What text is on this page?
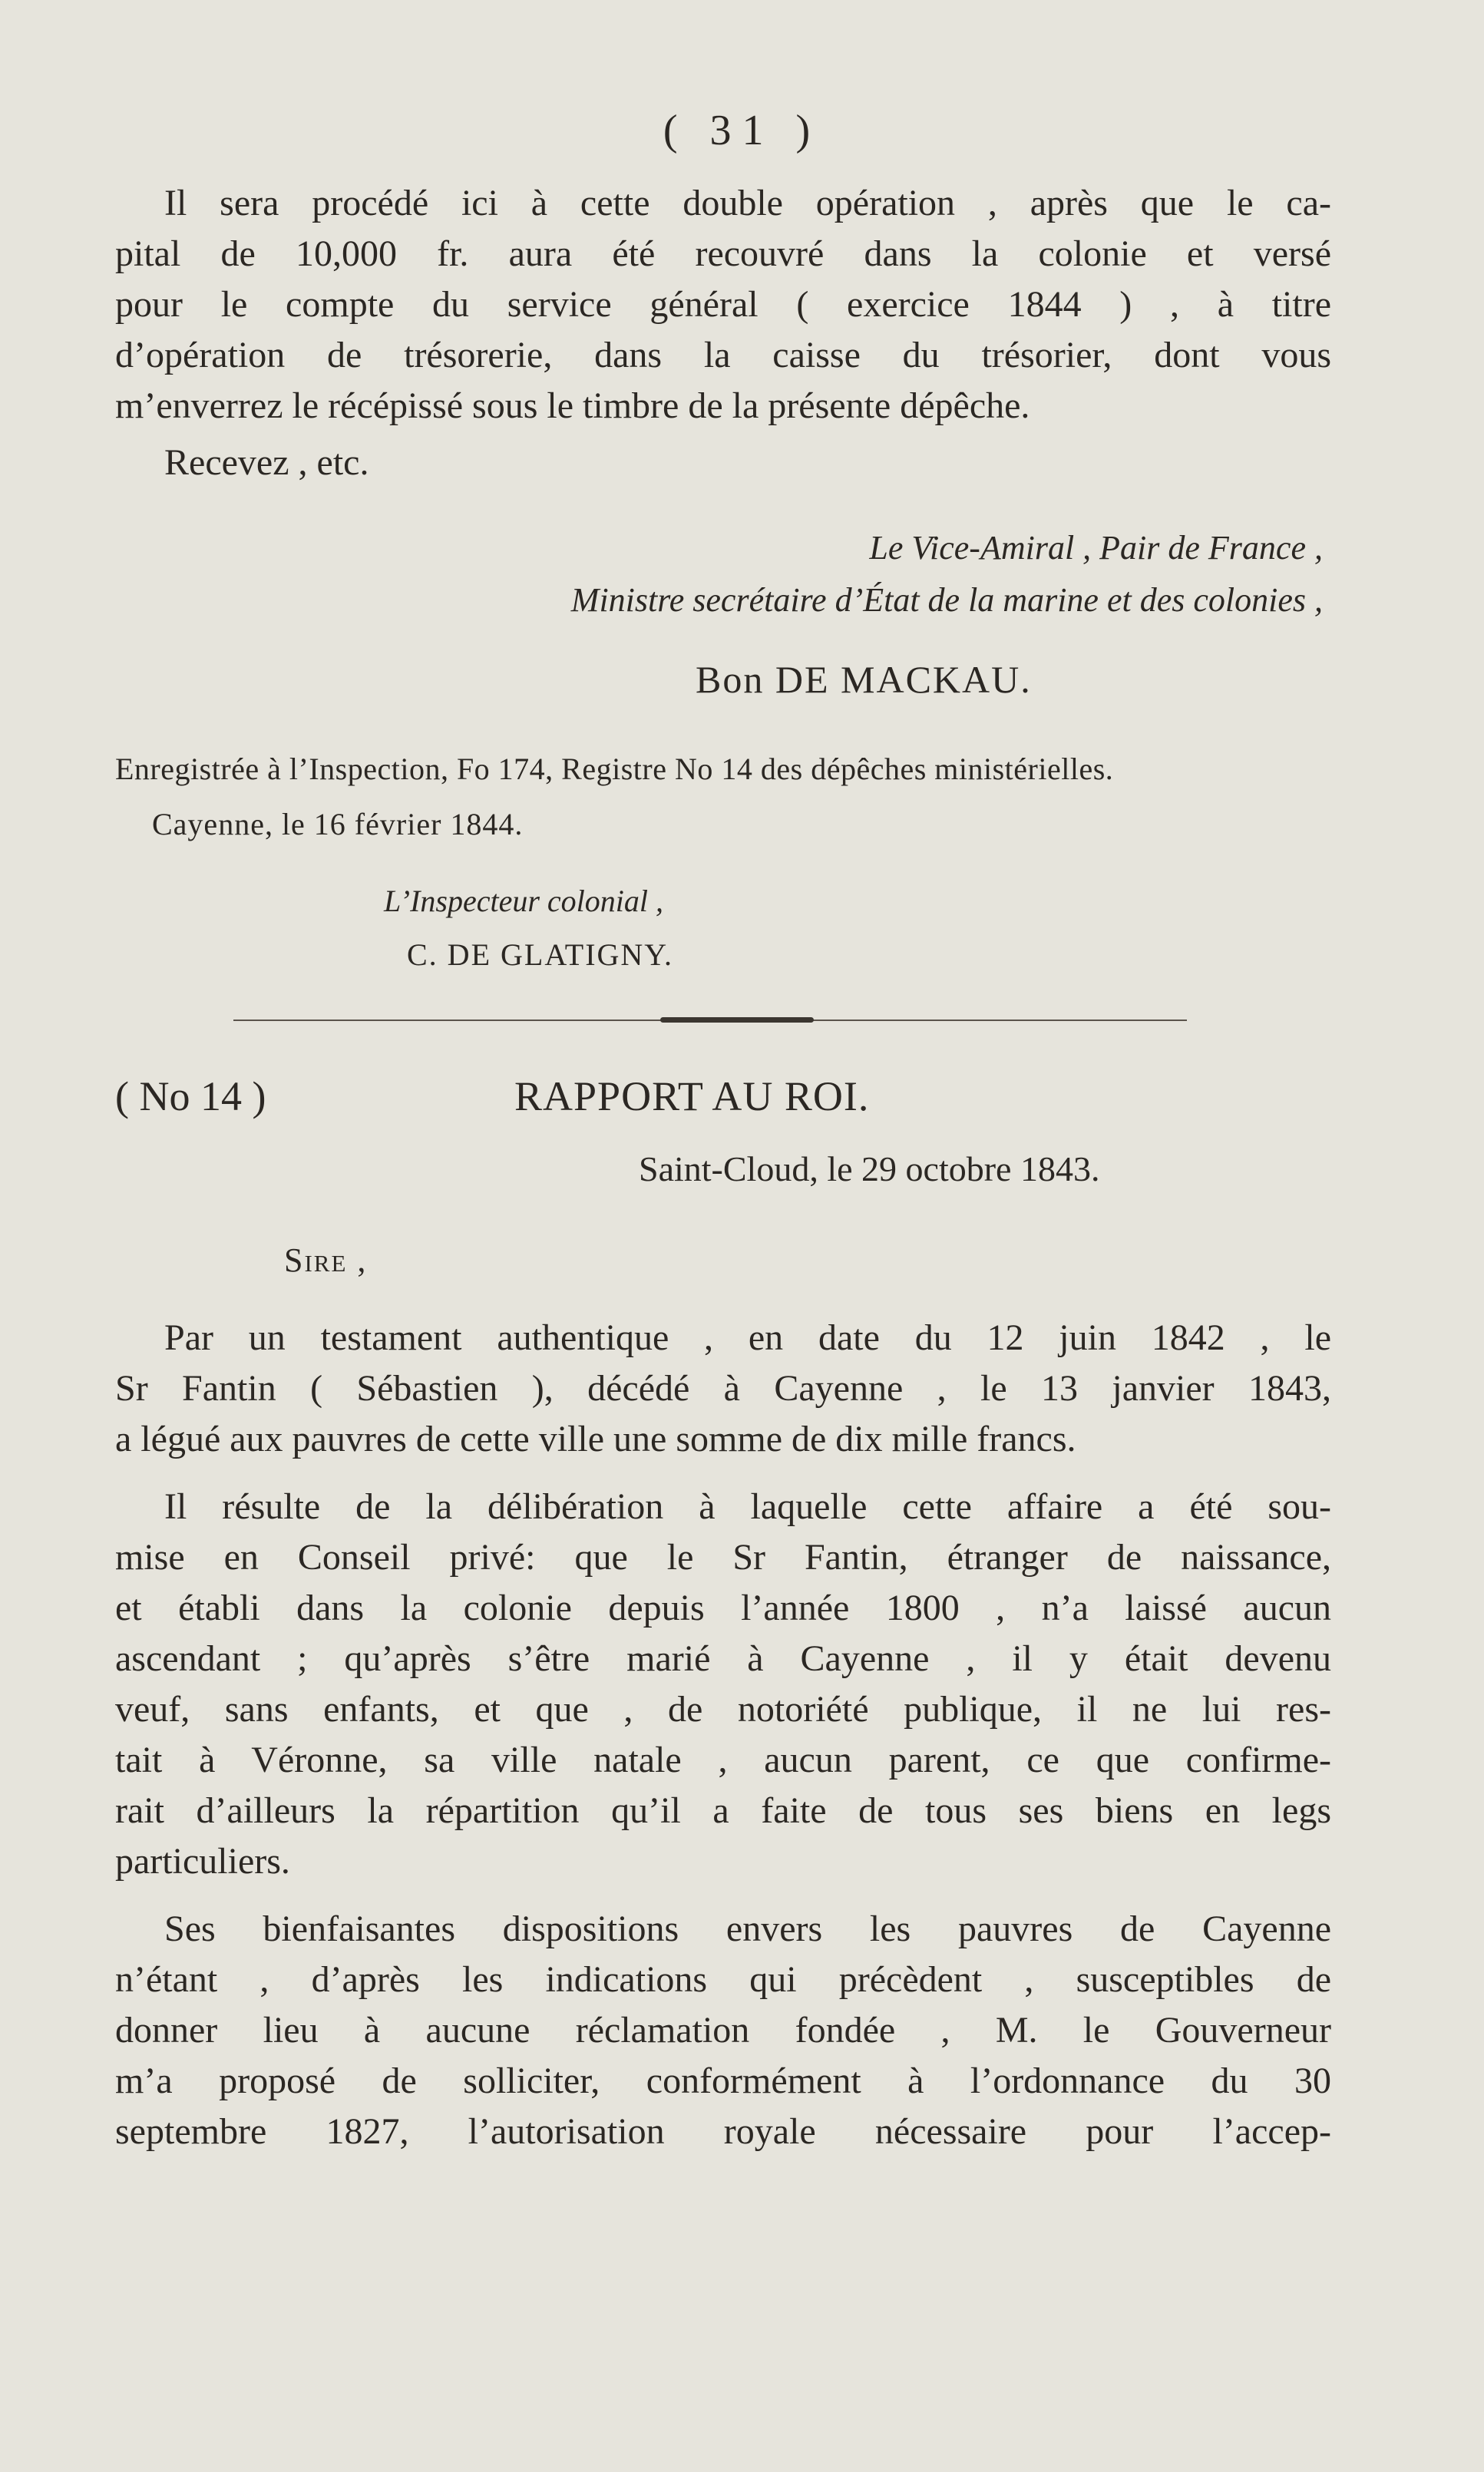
( 31 )

Il sera procédé ici à cette double opération , après que le ca-
pital de 10,000 fr. aura été recouvré dans la colonie et versé
pour le compte du service général ( exercice 1844 ) , à titre
d’opération de trésorerie, dans la caisse du trésorier, dont vous
m’enverrez le récépissé sous le timbre de la présente dépêche.

Recevez , etc.
Le Vice-Amiral , Pair de France ,
Ministre secrétaire d’État de la marine et des colonies ,
Bon DE MACKAU.
Enregistrée à l’Inspection, Fo 174, Registre No 14 des dépêches ministérielles.
Cayenne, le 16 février 1844.
L’Inspecteur colonial ,
C. DE GLATIGNY.
( No 14 )	RAPPORT AU ROI.
Saint-Cloud, le 29 octobre 1843.
Sire ,

Par un testament authentique , en date du 12 juin 1842 , le
Sr Fantin ( Sébastien ), décédé à Cayenne , le 13 janvier 1843,
a légué aux pauvres de cette ville une somme de dix mille francs.

Il résulte de la délibération à laquelle cette affaire a été sou-
mise en Conseil privé: que le Sr Fantin, étranger de naissance,
et établi dans la colonie depuis l’année 1800 , n’a laissé aucun
ascendant ; qu’après s’être marié à Cayenne , il y était devenu
veuf, sans enfants, et que , de notoriété publique, il ne lui res-
tait à Véronne, sa ville natale , aucun parent, ce que confirme-
rait d’ailleurs la répartition qu’il a faite de tous ses biens en legs
particuliers.

Ses bienfaisantes dispositions envers les pauvres de Cayenne
n’étant , d’après les indications qui précèdent , susceptibles de
donner lieu à aucune réclamation fondée , M. le Gouverneur
m’a proposé de solliciter, conformément à l’ordonnance du 30
septembre 1827, l’autorisation royale nécessaire pour l’accep-
